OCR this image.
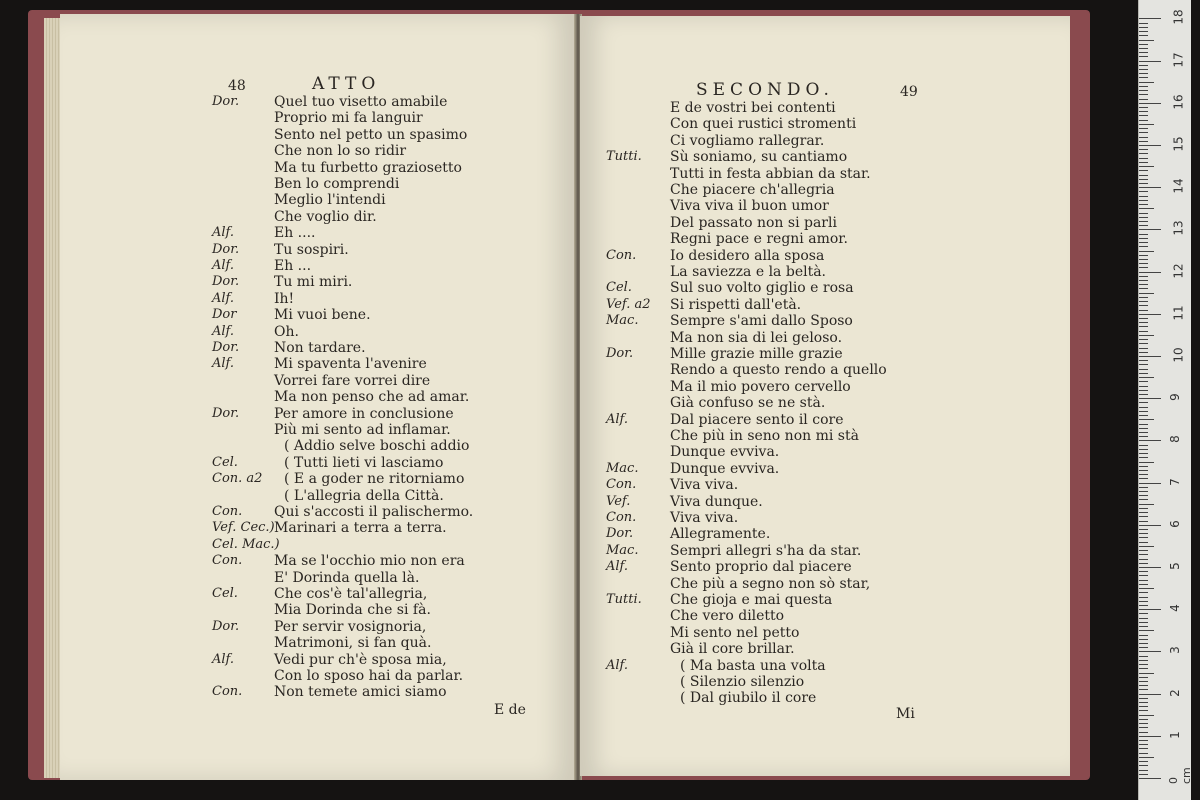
48	ATTO
E de
Dor. Quel tuo visetto amabile
Proprio mi fa languir
Sento nel petto un spasimo
Che non lo so ridir
Ma tu furbetto graziosetto
Ben lo comprendi
Meglio l'intendi
Che voglio dir.
Alf.	Eh ....
Dor. Tu sospiri.
Alf.	Eh ...
Dor. Tu mi miri.
Alf.	Ih!
Dor	Mi vuoi bene.
Alf.	Oh.
Dor. Non tardare.
Alf.	Mi spaventa l'avenire
Vorrei fare vorrei dire
Ma non penso che ad amar.
Dor. Per amore in conclusione
Più mi sento ad inflamar.
( Addio selve boschi addio
Cel.	( Tutti lieti vi lasciamo
Con. a2 ( E a goder ne ritorniamo
( L'allegria della Città.
Con. Qui s'accosti il palischermo.
Vef. Cec.) Marinari a terra a terra.
Cel. Mac.)
Con. Ma se l'occhio mio non era
E' Dorinda quella là.
Cel.	Che cos'è tal'allegria,
Mia Dorinda che si fà.
Dor. Per servir vosignoria,
Matrimoni, si fan quà.
Alf.	Vedi pur ch'è sposa mia,
Con lo sposo hai da parlar.
Con. Non temete amici siamo
SECONDO.	49
Mi
E de vostri bei contenti
Con quei rustici stromenti
Ci vogliamo rallegrar.
Tutti. Sù soniamo, su cantiamo
Tutti in festa abbian da star.
Che piacere ch'allegria
Viva viva il buon umor
Del passato non si parli
Regni pace e regni amor.
Con. Io desidero alla sposa
La savіezza e la beltà.
Cel.	Sul suo volto giglio e rosa
Vef. a2 Si rispetti dall'età.
Mac. Sempre s'ami dallo Sposo
Ma non sia di lei geloso.
Dor.	Mille grazie mille grazie
Rendo a questo rendo a quello
Ma il mio povero cervello
Già confuso se ne stà.
Alf.	Dal piacere sento il core
Che più in seno non mi stà
Dunque evviva.
Mac. Dunque evviva.
Con. Viva viva.
Vef.	Viva dunque.
Con. Viva viva.
Dor.	Allegramente.
Mac. Sempri allegri s'ha da star.
Alf.	Sento proprio dal piacere
Che più a segno non sò star,
Tutti. Che gioja e mai questa
Che vero diletto
Mi sento nel petto
Già il core brillar.
Alf.	( Ma basta una volta
( Silenzio silenzio
( Dal giubilo il core
0 cm
1
2
3
4
5
6
7
8
9
10
11
12
13
14
15
16
17
18
